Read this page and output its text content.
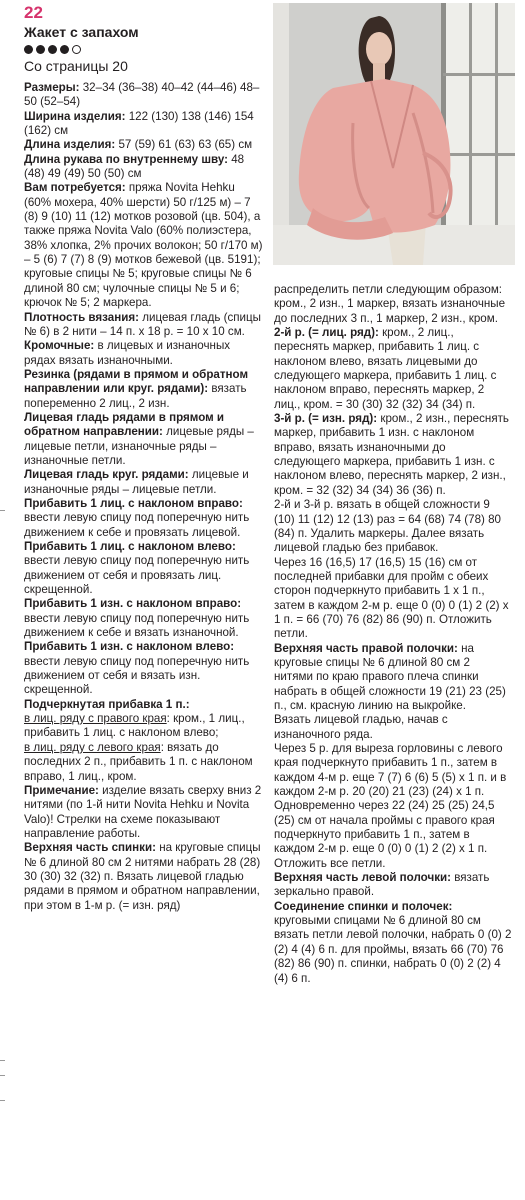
22
Жакет с запахом
Со страницы 20

Размеры: 32–34 (36–38) 40–42 (44–46) 48–50 (52–54)

Ширина изделия: 122 (130) 138 (146) 154 (162) см

Длина изделия: 57 (59) 61 (63) 63 (65) см

Длина рукава по внутреннему шву: 48 (48) 49 (49) 50 (50) см

Вам потребуется: пряжа Novita Hehku (60% мохера, 40% шерсти) 50 г/125 м) – 7 (8) 9 (10) 11 (12) мотков розовой (цв. 504), а также пряжа Novita Valo (60% полиэстера, 38% хлопка, 2% прочих волокон; 50 г/170 м) – 5 (6) 7 (7) 8 (9) мотков бежевой (цв. 5191); круговые спицы № 5; круговые спицы № 6 длиной 80 см; чулочные спицы № 5 и 6; крючок № 5; 2 маркера.

Плотность вязания: лицевая гладь (спицы № 6) в 2 нити – 14 п. х 18 р. = 10 х 10 см.

Кромочные: в лицевых и изнаночных рядах вязать изнаночными.

Резинка (рядами в прямом и обратном направлении или круг. рядами): вязать попеременно 2 лиц., 2 изн.

Лицевая гладь рядами в прямом и обратном направлении: лицевые ряды – лицевые петли, изнаночные ряды – изнаночные петли.

Лицевая гладь круг. рядами: лицевые и изнаночные ряды – лицевые петли.

Прибавить 1 лиц. с наклоном вправо: ввести левую спицу под поперечную нить движением к себе и провязать лицевой.

Прибавить 1 лиц. с наклоном влево: ввести левую спицу под поперечную нить движением от себя и провязать лиц. скрещенной.

Прибавить 1 изн. с наклоном вправо: ввести левую спицу под поперечную нить движением к себе и вязать изнаночной.

Прибавить 1 изн. с наклоном влево: ввести левую спицу под поперечную нить движением от себя и вязать изн. скрещенной.

Подчеркнутая прибавка 1 п.:

в лиц. ряду с правого края: кром., 1 лиц., прибавить 1 лиц. с наклоном влево;

в лиц. ряду с левого края: вязать до последних 2 п., прибавить 1 п. с наклоном вправо, 1 лиц., кром.

Примечание: изделие вязать сверху вниз 2 нитями (по 1-й нити Novita Hehku и Novita Valo)! Стрелки на схеме показывают направление работы.

Верхняя часть спинки: на круговые спицы № 6 длиной 80 см 2 нитями набрать 28 (28) 30 (30) 32 (32) п. Вязать лицевой гладью рядами в прямом и обратном направлении, при этом в 1-м р. (= изн. ряд)

распределить петли следующим образом: кром., 2 изн., 1 маркер, вязать изнаночные до последних 3 п., 1 маркер, 2 изн., кром.

2-й р. (= лиц. ряд): кром., 2 лиц., переснять маркер, прибавить 1 лиц. с наклоном влево, вязать лицевыми до следующего маркера, прибавить 1 лиц. с наклоном вправо, переснять маркер, 2 лиц., кром. = 30 (30) 32 (32) 34 (34) п.

3-й р. (= изн. ряд): кром., 2 изн., переснять маркер, прибавить 1 изн. с наклоном вправо, вязать изнаночными до следующего маркера, прибавить 1 изн. с наклоном влево, переснять маркер, 2 изн., кром. = 32 (32) 34 (34) 36 (36) п.

2-й и 3-й р. вязать в общей сложности 9 (10) 11 (12) 12 (13) раз = 64 (68) 74 (78) 80 (84) п. Удалить маркеры. Далее вязать лицевой гладью без прибавок.

Через 16 (16,5) 17 (16,5) 15 (16) см от последней прибавки для пройм с обеих сторон подчеркнуто прибавить 1 х 1 п., затем в каждом 2-м р. еще 0 (0) 0 (1) 2 (2) х 1 п. = 66 (70) 76 (82) 86 (90) п. Отложить петли.

Верхняя часть правой полочки: на круговые спицы № 6 длиной 80 см 2 нитями по краю правого плеча спинки набрать в общей сложности 19 (21) 23 (25) п., см. красную линию на выкройке.

Вязать лицевой гладью, начав с изнаночного ряда.

Через 5 р. для выреза горловины с левого края подчеркнуто прибавить 1 п., затем в каждом 4-м р. еще 7 (7) 6 (6) 5 (5) х 1 п. и в каждом 2-м р. 20 (20) 21 (23) (24) х 1 п.

Одновременно через 22 (24) 25 (25) 24,5 (25) см от начала проймы с правого края подчеркнуто прибавить 1 п., затем в каждом 2-м р. еще 0 (0) 0 (1) 2 (2) х 1 п.

Отложить все петли.

Верхняя часть левой полочки: вязать зеркально правой.

Соединение спинки и полочек: круговыми спицами № 6 длиной 80 см вязать петли левой полочки, набрать 0 (0) 2 (2) 4 (4) 6 п. для проймы, вязать 66 (70) 76 (82) 86 (90) п. спинки, набрать 0 (0) 2 (2) 4 (4) 6 п.
